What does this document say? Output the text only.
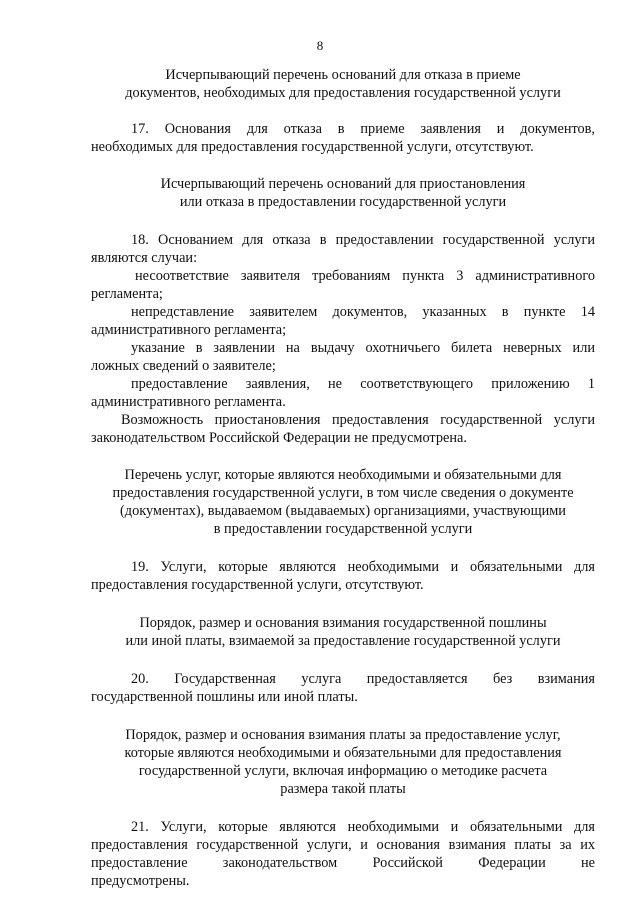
8
Исчерпывающий перечень оснований для отказа в приеме
документов, необходимых для предоставления государственной услуги
17. Основания для отказа в приеме заявления и документов,
необходимых для предоставления государственной услуги, отсутствуют.
Исчерпывающий перечень оснований для приостановления
или отказа в предоставлении государственной услуги
18. Основанием для отказа в предоставлении государственной услуги
являются случаи:
несоответствие заявителя требованиям пункта 3 административного
регламента;
непредставление заявителем документов, указанных в пункте 14
административного регламента;
указание в заявлении на выдачу охотничьего билета неверных или
ложных сведений о заявителе;
предоставление заявления, не соответствующего приложению 1
административного регламента.
Возможность приостановления предоставления государственной услуги
законодательством Российской Федерации не предусмотрена.
Перечень услуг, которые являются необходимыми и обязательными для
предоставления государственной услуги, в том числе сведения о документе
(документах), выдаваемом (выдаваемых) организациями, участвующими
в предоставлении государственной услуги
19. Услуги, которые являются необходимыми и обязательными для
предоставления государственной услуги, отсутствуют.
Порядок, размер и основания взимания государственной пошлины
или иной платы, взимаемой за предоставление государственной услуги
20. Государственная услуга предоставляется без взимания
государственной пошлины или иной платы.
Порядок, размер и основания взимания платы за предоставление услуг,
которые являются необходимыми и обязательными для предоставления
государственной услуги, включая информацию о методике расчета
размера такой платы
21. Услуги, которые являются необходимыми и обязательными для
предоставления государственной услуги, и основания взимания платы за их
предоставление законодательством Российской Федерации не
предусмотрены.
